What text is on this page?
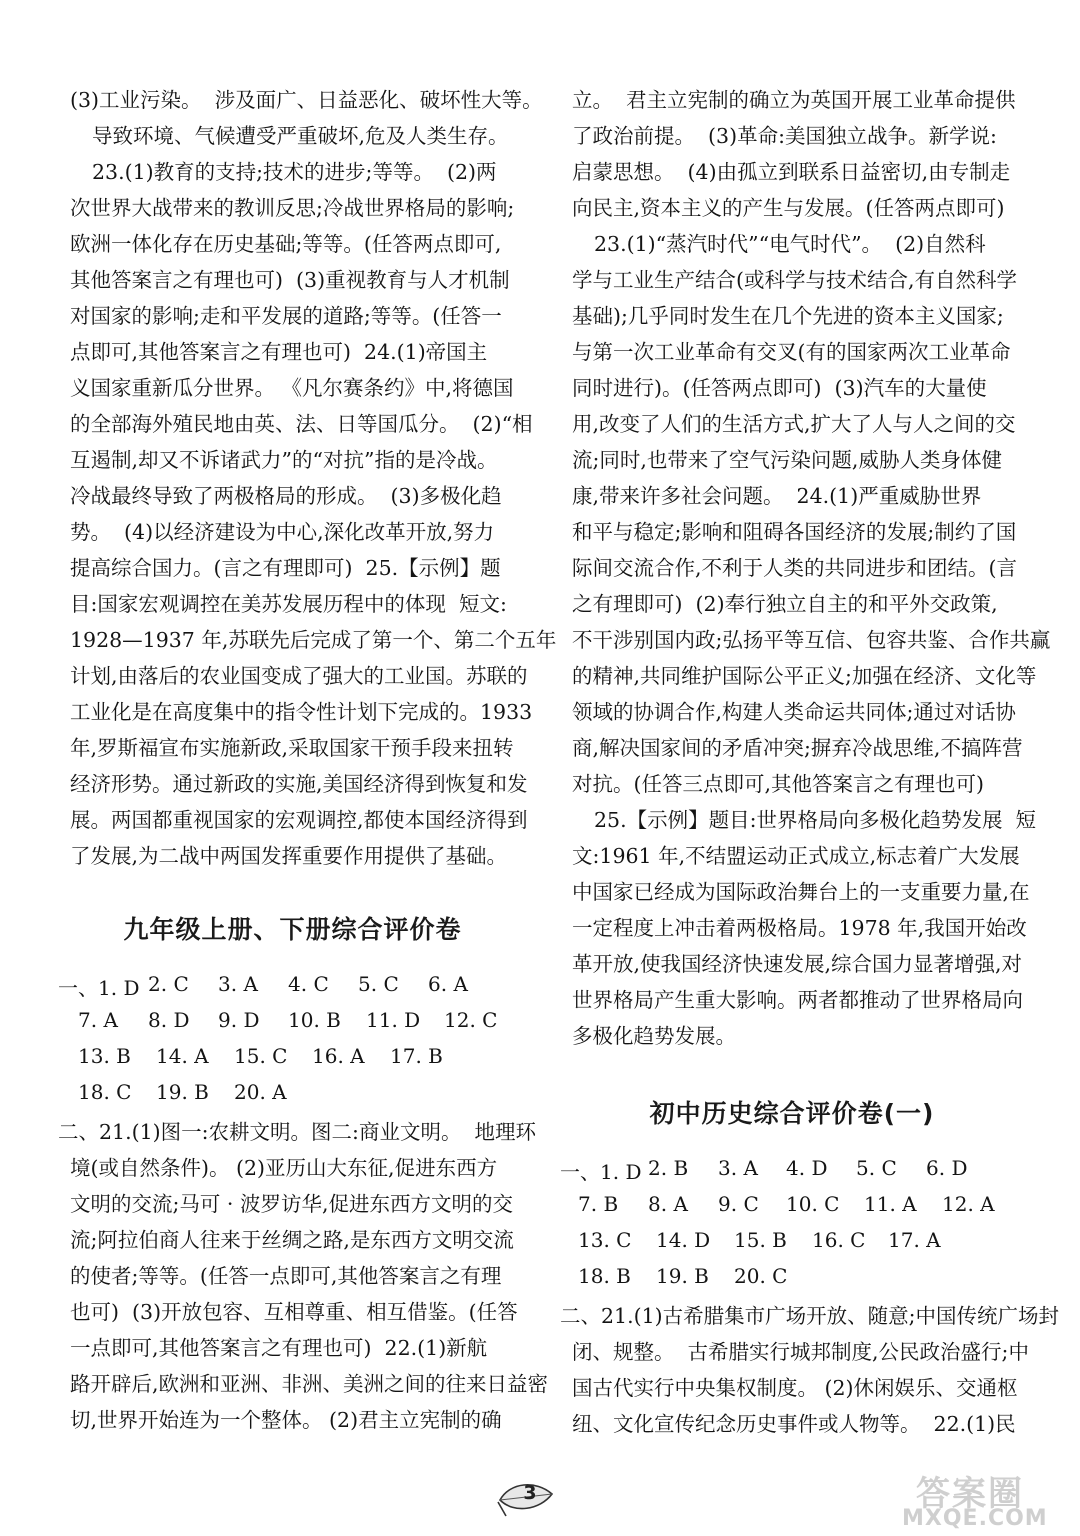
(3)工业污染。  涉及面广、日益恶化、破坏性大等。
导致环境、气候遭受严重破坏,危及人类生存。
23.(1)教育的支持;技术的进步;等等。  (2)两
次世界大战带来的教训反思;冷战世界格局的影响;
欧洲一体化存在历史基础;等等。(任答两点即可,
其他答案言之有理也可)  (3)重视教育与人才机制
对国家的影响;走和平发展的道路;等等。(任答一
点即可,其他答案言之有理也可)  24.(1)帝国主
义国家重新瓜分世界。 《凡尔赛条约》中,将德国
的全部海外殖民地由英、法、日等国瓜分。  (2)“相
互遏制,却又不诉诸武力”的“对抗”指的是冷战。
冷战最终导致了两极格局的形成。  (3)多极化趋
势。  (4)以经济建设为中心,深化改革开放,努力
提高综合国力。(言之有理即可)  25.【示例】题
目:国家宏观调控在美苏发展历程中的体现  短文:
1928—1937 年,苏联先后完成了第一个、第二个五年
计划,由落后的农业国变成了强大的工业国。苏联的
工业化是在高度集中的指令性计划下完成的。1933
年,罗斯福宣布实施新政,采取国家干预手段来扭转
经济形势。通过新政的实施,美国经济得到恢复和发
展。两国都重视国家的宏观调控,都使本国经济得到
了发展,为二战中两国发挥重要作用提供了基础。
九年级上册、下册综合评价卷
一、1. D 2. C 3. A 4. C 5. C 6. A
7. A 8. D 9. D 10. B 11. D 12. C
13. B 14. A 15. C 16. A 17. B
18. C 19. B 20. A
二、21.(1)图一:农耕文明。图二:商业文明。  地理环
境(或自然条件)。 (2)亚历山大东征,促进东西方
文明的交流;马可 · 波罗访华,促进东西方文明的交
流;阿拉伯商人往来于丝绸之路,是东西方文明交流
的使者;等等。(任答一点即可,其他答案言之有理
也可)  (3)开放包容、互相尊重、相互借鉴。(任答
一点即可,其他答案言之有理也可)  22.(1)新航
路开辟后,欧洲和亚洲、非洲、美洲之间的往来日益密
切,世界开始连为一个整体。 (2)君主立宪制的确
立。  君主立宪制的确立为英国开展工业革命提供
了政治前提。  (3)革命:美国独立战争。新学说:
启蒙思想。  (4)由孤立到联系日益密切,由专制走
向民主,资本主义的产生与发展。(任答两点即可)
23.(1)“蒸汽时代”“电气时代”。  (2)自然科
学与工业生产结合(或科学与技术结合,有自然科学
基础);几乎同时发生在几个先进的资本主义国家;
与第一次工业革命有交叉(有的国家两次工业革命
同时进行)。(任答两点即可)  (3)汽车的大量使
用,改变了人们的生活方式,扩大了人与人之间的交
流;同时,也带来了空气污染问题,威胁人类身体健
康,带来许多社会问题。  24.(1)严重威胁世界
和平与稳定;影响和阻碍各国经济的发展;制约了国
际间交流合作,不利于人类的共同进步和团结。(言
之有理即可)  (2)奉行独立自主的和平外交政策,
不干涉别国内政;弘扬平等互信、包容共鉴、合作共赢
的精神,共同维护国际公平正义;加强在经济、文化等
领域的协调合作,构建人类命运共同体;通过对话协
商,解决国家间的矛盾冲突;摒弃冷战思维,不搞阵营
对抗。(任答三点即可,其他答案言之有理也可)
25.【示例】题目:世界格局向多极化趋势发展  短
文:1961 年,不结盟运动正式成立,标志着广大发展
中国家已经成为国际政治舞台上的一支重要力量,在
一定程度上冲击着两极格局。1978 年,我国开始改
革开放,使我国经济快速发展,综合国力显著增强,对
世界格局产生重大影响。两者都推动了世界格局向
多极化趋势发展。
初中历史综合评价卷(一)
一、1. D 2. B 3. A 4. D 5. C 6. D
7. B 8. A 9. C 10. C 11. A 12. A
13. C 14. D 15. B 16. C 17. A
18. B 19. B 20. C
二、21.(1)古希腊集市广场开放、随意;中国传统广场封
闭、规整。  古希腊实行城邦制度,公民政治盛行;中
国古代实行中央集权制度。 (2)休闲娱乐、交通枢
纽、文化宣传纪念历史事件或人物等。  22.(1)民
3	答案圈
MXQE.COM
